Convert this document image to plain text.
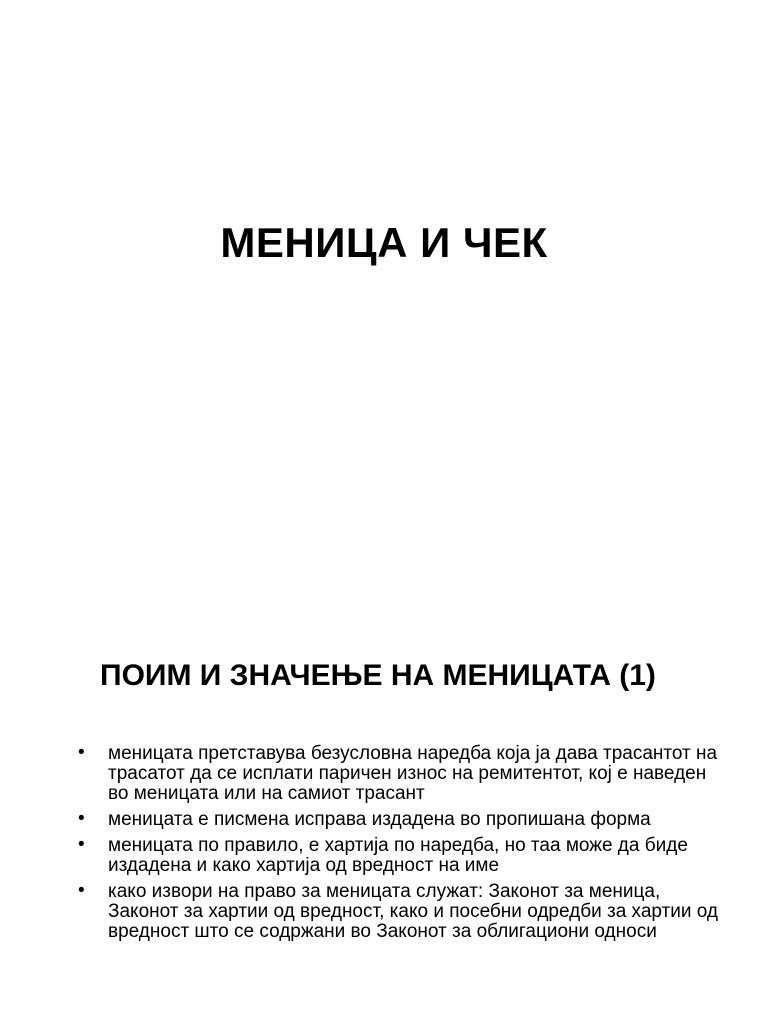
МЕНИЦА И ЧЕК
ПОИМ И ЗНАЧЕЊЕ НА МЕНИЦАТА (1)
• меницата претставува безусловна наредба која ја дава трасантот на трасатот да се исплати паричен износ на ремитентот, кој е наведен во меницата или на самиот трасант
• меницата е писмена исправа издадена во пропишана форма
• меницата по правило, е хартија по наредба, но таа може да биде издадена и како хартија од вредност на име
• како извори на право за меницата служат: Законот за меница, Законот за хартии од вредност, како и посебни одредби за хартии од вредност што се содржани во Законот за облигациони односи
